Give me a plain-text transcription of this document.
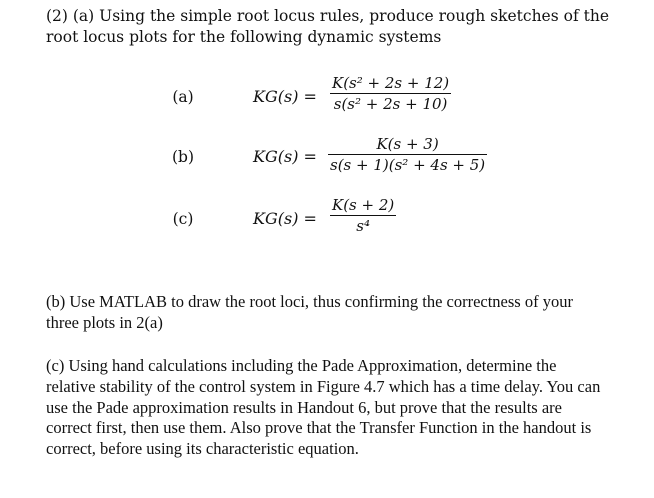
(2) (a) Using the simple root locus rules, produce rough sketches of the root locus plots for the following dynamic systems

(a)	KG(s) =
K(s² + 2s + 12)
s(s² + 2s + 10)
(b)	KG(s) =
K(s + 3)
s(s + 1)(s² + 4s + 5)
(c)	KG(s) =
K(s + 2)
s⁴

(b) Use MATLAB to draw the root loci, thus confirming the correctness of your three plots in 2(a)

(c) Using hand calculations including the Pade Approximation, determine the relative stability of the control system in Figure 4.7 which has a time delay. You can use the Pade approximation results in Handout 6, but prove that the results are correct first, then use them. Also prove that the Transfer Function in the handout is correct, before using its characteristic equation.
